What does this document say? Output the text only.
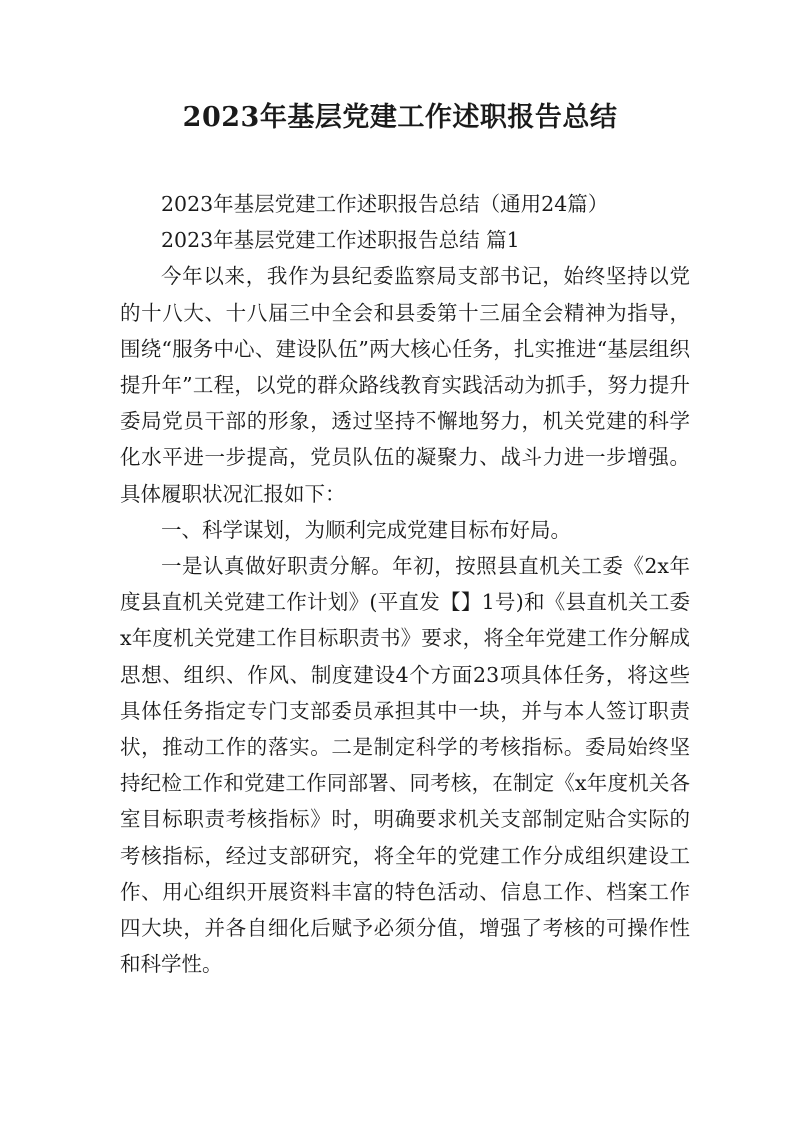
2023年基层党建工作述职报告总结

2023年基层党建工作述职报告总结（通用24篇）

2023年基层党建工作述职报告总结 篇1

今年以来，我作为县纪委监察局支部书记，始终坚持以党的十八大、十八届三中全会和县委第十三届全会精神为指导，围绕“服务中心、建设队伍”两大核心任务，扎实推进“基层组织提升年”工程，以党的群众路线教育实践活动为抓手，努力提升委局党员干部的形象，透过坚持不懈地努力，机关党建的科学化水平进一步提高，党员队伍的凝聚力、战斗力进一步增强。具体履职状况汇报如下：

一、科学谋划，为顺利完成党建目标布好局。

一是认真做好职责分解。年初，按照县直机关工委《2x年度县直机关党建工作计划》(平直发【】1号)和《县直机关工委x年度机关党建工作目标职责书》要求，将全年党建工作分解成思想、组织、作风、制度建设4个方面23项具体任务，将这些具体任务指定专门支部委员承担其中一块，并与本人签订职责状，推动工作的落实。二是制定科学的考核指标。委局始终坚持纪检工作和党建工作同部署、同考核，在制定《x年度机关各室目标职责考核指标》时，明确要求机关支部制定贴合实际的考核指标，经过支部研究，将全年的党建工作分成组织建设工作、用心组织开展资料丰富的特色活动、信息工作、档案工作四大块，并各自细化后赋予必须分值，增强了考核的可操作性和科学性。
